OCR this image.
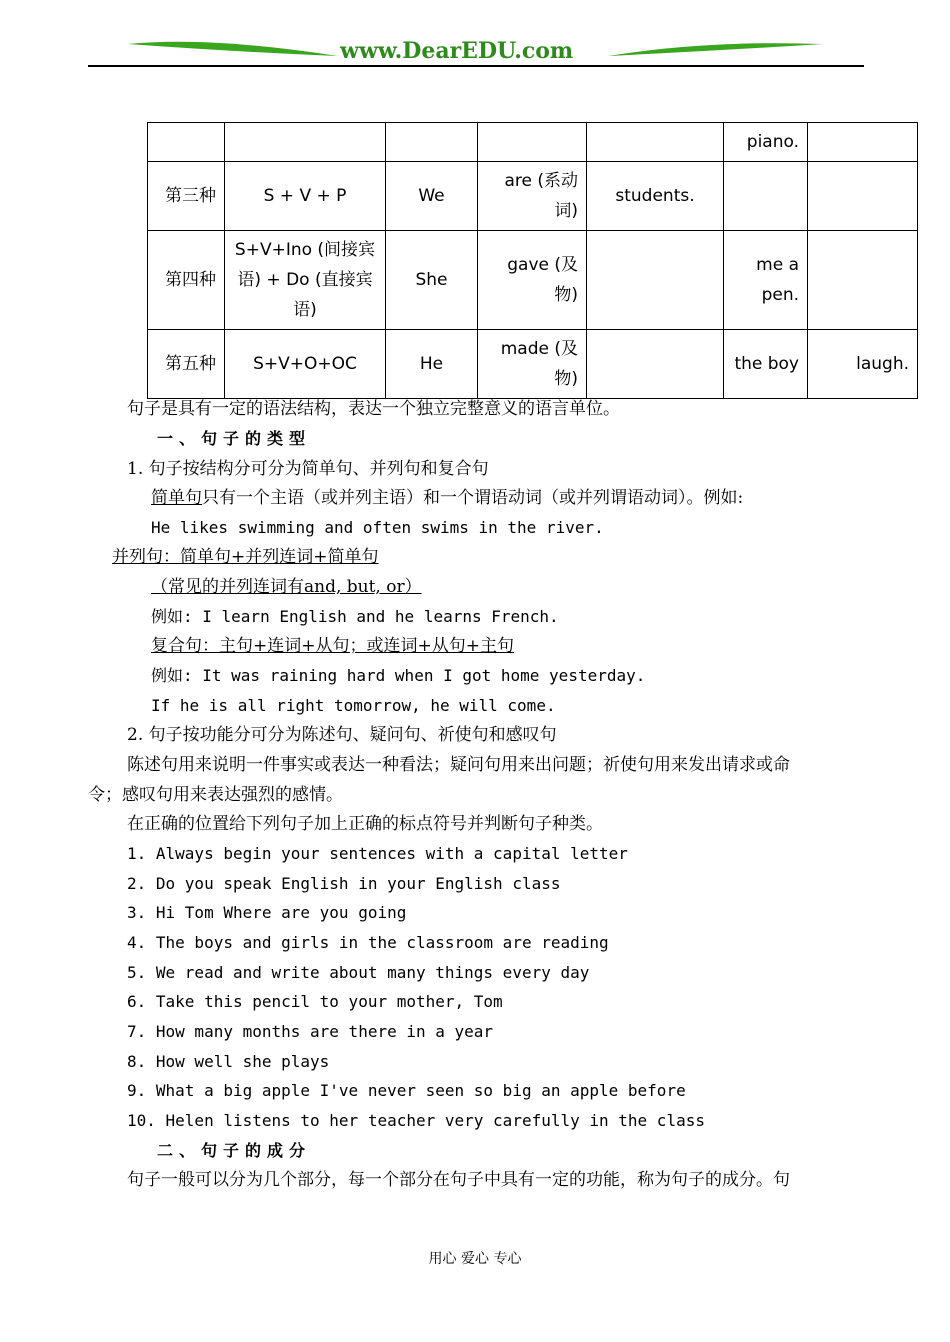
www.DearEDU.com
					piano.	
第三种	S + V + P	We	are (系动词)	students.		
第四种	S+V+Ino (间接宾语) + Do (直接宾语)	She	gave (及物)		me a pen.	
第五种	S+V+O+OC	He	made (及物)		the boy	laugh.
句子是具有一定的语法结构，表达一个独立完整意义的语言单位。
一、句子的类型
1. 句子按结构分可分为简单句、并列句和复合句
简单句只有一个主语（或并列主语）和一个谓语动词（或并列谓语动词）。例如:
He likes swimming and often swims in the river.
并列句：简单句+并列连词+简单句
（常见的并列连词有and, but, or）
例如: I learn English and he learns French.
复合句：主句+连词+从句；或连词+从句+主句
例如: It was raining hard when I got home yesterday.
If he is all right tomorrow, he will come.
2. 句子按功能分可分为陈述句、疑问句、祈使句和感叹句
陈述句用来说明一件事实或表达一种看法；疑问句用来出问题；祈使句用来发出请求或命
令；感叹句用来表达强烈的感情。
在正确的位置给下列句子加上正确的标点符号并判断句子种类。
1. Always begin your sentences with a capital letter
2. Do you speak English in your English class
3. Hi Tom Where are you going
4. The boys and girls in the classroom are reading
5. We read and write about many things every day
6. Take this pencil to your mother, Tom
7. How many months are there in a year
8. How well she plays
9. What a big apple I've never seen so big an apple before
10. Helen listens to her teacher very carefully in the class
二、句子的成分
句子一般可以分为几个部分，每一个部分在句子中具有一定的功能，称为句子的成分。句
用心 爱心 专心
